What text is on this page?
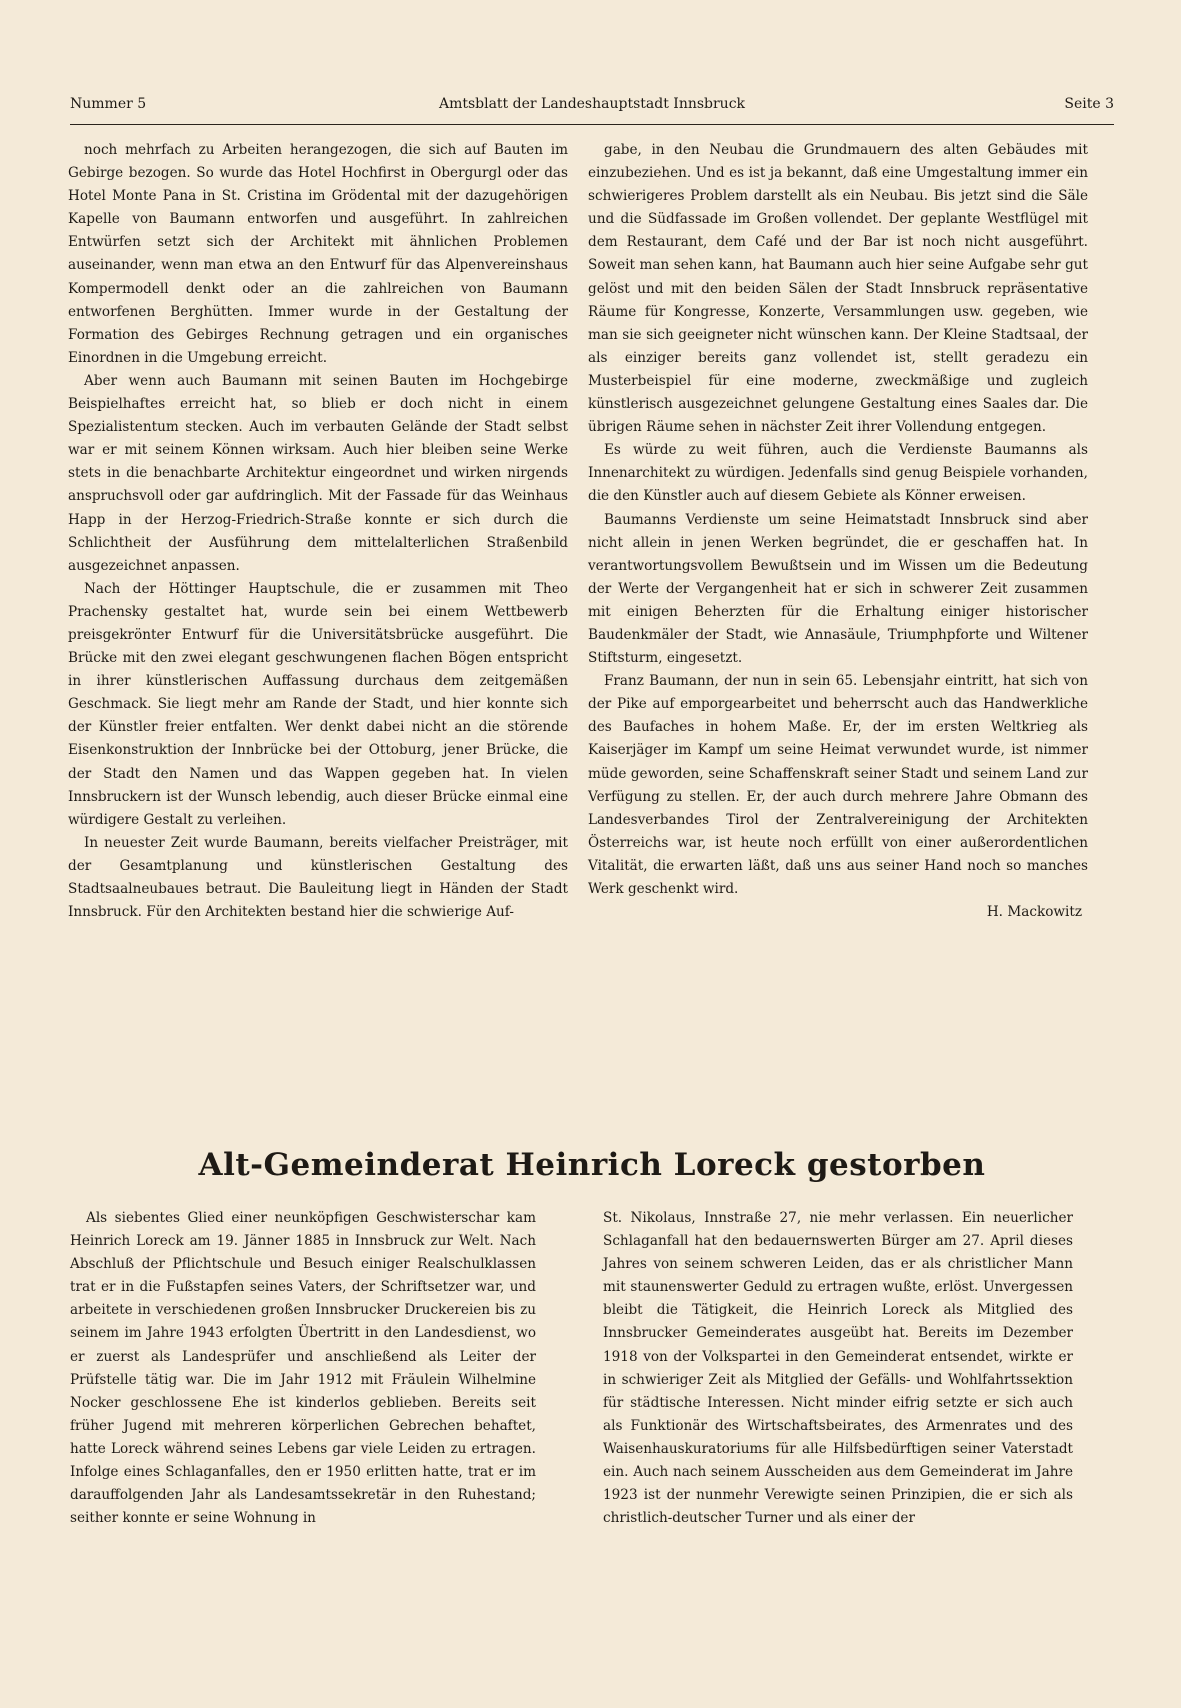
Nummer 5	Amtsblatt der Landeshauptstadt Innsbruck	Seite 3

noch mehrfach zu Arbeiten herangezogen, die sich auf Bauten im Gebirge bezogen. So wurde das Hotel Hochfirst in Obergurgl oder das Hotel Monte Pana in St. Cristina im Grödental mit der dazugehörigen Kapelle von Baumann entworfen und ausgeführt. In zahlreichen Entwürfen setzt sich der Architekt mit ähnlichen Problemen auseinander, wenn man etwa an den Entwurf für das Alpenvereinshaus Kompermodell denkt oder an die zahlreichen von Baumann entworfenen Berghütten. Immer wurde in der Gestaltung der Formation des Gebirges Rechnung getragen und ein organisches Einordnen in die Umgebung erreicht.

Aber wenn auch Baumann mit seinen Bauten im Hochgebirge Beispielhaftes erreicht hat, so blieb er doch nicht in einem Spezialistentum stecken. Auch im verbauten Gelände der Stadt selbst war er mit seinem Können wirksam. Auch hier bleiben seine Werke stets in die benachbarte Architektur eingeordnet und wirken nirgends anspruchsvoll oder gar aufdringlich. Mit der Fassade für das Weinhaus Happ in der Herzog-Friedrich-Straße konnte er sich durch die Schlichtheit der Ausführung dem mittelalterlichen Straßenbild ausgezeichnet anpassen.

Nach der Höttinger Hauptschule, die er zusammen mit Theo Prachensky gestaltet hat, wurde sein bei einem Wettbewerb preisgekrönter Entwurf für die Universitätsbrücke ausgeführt. Die Brücke mit den zwei elegant geschwungenen flachen Bögen entspricht in ihrer künstlerischen Auffassung durchaus dem zeitgemäßen Geschmack. Sie liegt mehr am Rande der Stadt, und hier konnte sich der Künstler freier entfalten. Wer denkt dabei nicht an die störende Eisenkonstruktion der Innbrücke bei der Ottoburg, jener Brücke, die der Stadt den Namen und das Wappen gegeben hat. In vielen Innsbruckern ist der Wunsch lebendig, auch dieser Brücke einmal eine würdigere Gestalt zu verleihen.

In neuester Zeit wurde Baumann, bereits vielfacher Preisträger, mit der Gesamtplanung und künstlerischen Gestaltung des Stadtsaalneubaues betraut. Die Bauleitung liegt in Händen der Stadt Innsbruck. Für den Architekten bestand hier die schwierige Auf-

gabe, in den Neubau die Grundmauern des alten Gebäudes mit einzubeziehen. Und es ist ja bekannt, daß eine Umgestaltung immer ein schwierigeres Problem darstellt als ein Neubau. Bis jetzt sind die Säle und die Südfassade im Großen vollendet. Der geplante Westflügel mit dem Restaurant, dem Café und der Bar ist noch nicht ausgeführt. Soweit man sehen kann, hat Baumann auch hier seine Aufgabe sehr gut gelöst und mit den beiden Sälen der Stadt Innsbruck repräsentative Räume für Kongresse, Konzerte, Versammlungen usw. gegeben, wie man sie sich geeigneter nicht wünschen kann. Der Kleine Stadtsaal, der als einziger bereits ganz vollendet ist, stellt geradezu ein Musterbeispiel für eine moderne, zweckmäßige und zugleich künstlerisch ausgezeichnet gelungene Gestaltung eines Saales dar. Die übrigen Räume sehen in nächster Zeit ihrer Vollendung entgegen.

Es würde zu weit führen, auch die Verdienste Baumanns als Innenarchitekt zu würdigen. Jedenfalls sind genug Beispiele vorhanden, die den Künstler auch auf diesem Gebiete als Könner erweisen.

Baumanns Verdienste um seine Heimatstadt Innsbruck sind aber nicht allein in jenen Werken begründet, die er geschaffen hat. In verantwortungsvollem Bewußtsein und im Wissen um die Bedeutung der Werte der Vergangenheit hat er sich in schwerer Zeit zusammen mit einigen Beherzten für die Erhaltung einiger historischer Baudenkmäler der Stadt, wie Annasäule, Triumphpforte und Wiltener Stiftsturm, eingesetzt.

Franz Baumann, der nun in sein 65. Lebensjahr eintritt, hat sich von der Pike auf emporgearbeitet und beherrscht auch das Handwerkliche des Baufaches in hohem Maße. Er, der im ersten Weltkrieg als Kaiserjäger im Kampf um seine Heimat verwundet wurde, ist nimmer müde geworden, seine Schaffenskraft seiner Stadt und seinem Land zur Verfügung zu stellen. Er, der auch durch mehrere Jahre Obmann des Landesverbandes Tirol der Zentralvereinigung der Architekten Österreichs war, ist heute noch erfüllt von einer außerordentlichen Vitalität, die erwarten läßt, daß uns aus seiner Hand noch so manches Werk geschenkt wird.

H. Mackowitz
Alt-Gemeinderat Heinrich Loreck gestorben

Als siebentes Glied einer neunköpfigen Geschwisterschar kam Heinrich Loreck am 19. Jänner 1885 in Innsbruck zur Welt. Nach Abschluß der Pflichtschule und Besuch einiger Realschulklassen trat er in die Fußstapfen seines Vaters, der Schriftsetzer war, und arbeitete in verschiedenen großen Innsbrucker Druckereien bis zu seinem im Jahre 1943 erfolgten Übertritt in den Landesdienst, wo er zuerst als Landesprüfer und anschließend als Leiter der Prüfstelle tätig war. Die im Jahr 1912 mit Fräulein Wilhelmine Nocker geschlossene Ehe ist kinderlos geblieben. Bereits seit früher Jugend mit mehreren körperlichen Gebrechen behaftet, hatte Loreck während seines Lebens gar viele Leiden zu ertragen. Infolge eines Schlaganfalles, den er 1950 erlitten hatte, trat er im darauffolgenden Jahr als Landesamtssekretär in den Ruhestand; seither konnte er seine Wohnung in

St. Nikolaus, Innstraße 27, nie mehr verlassen. Ein neuerlicher Schlaganfall hat den bedauernswerten Bürger am 27. April dieses Jahres von seinem schweren Leiden, das er als christlicher Mann mit staunenswerter Geduld zu ertragen wußte, erlöst. Unvergessen bleibt die Tätigkeit, die Heinrich Loreck als Mitglied des Innsbrucker Gemeinderates ausgeübt hat. Bereits im Dezember 1918 von der Volkspartei in den Gemeinderat entsendet, wirkte er in schwieriger Zeit als Mitglied der Gefälls- und Wohlfahrtssektion für städtische Interessen. Nicht minder eifrig setzte er sich auch als Funktionär des Wirtschaftsbeirates, des Armenrates und des Waisenhauskuratoriums für alle Hilfsbedürftigen seiner Vaterstadt ein. Auch nach seinem Ausscheiden aus dem Gemeinderat im Jahre 1923 ist der nunmehr Verewigte seinen Prinzipien, die er sich als christlich-deutscher Turner und als einer der
